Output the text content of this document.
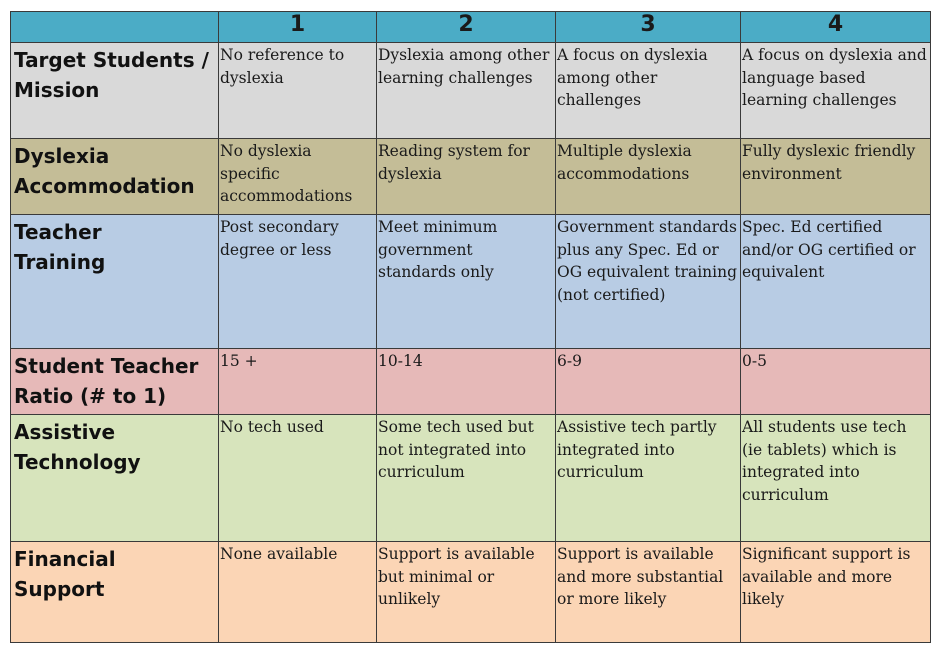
	1	2	3	4

Target Students /
Mission	No reference to dyslexia	Dyslexia among other learning challenges	A focus on dyslexia among other challenges	A focus on dyslexia and language based learning challenges

Dyslexia
Accommodation	No dyslexia specific accommodations	Reading system for dyslexia	Multiple dyslexia accommodations	Fully dyslexic friendly environment

Teacher
Training	Post secondary degree or less	Meet minimum government standards only	Government standards plus any Spec. Ed or OG equivalent training (not certified)	Spec. Ed certified and/or OG certified or equivalent

Student Teacher
Ratio (# to 1)	15 +	10-14	6-9	0-5

Assistive
Technology	No tech used	Some tech used but not integrated into curriculum	Assistive tech partly integrated into curriculum	All students use tech (ie tablets) which is integrated into curriculum

Financial
Support	None available	Support is available but minimal or unlikely	Support is available and more substantial or more likely	Significant support is available and more likely
